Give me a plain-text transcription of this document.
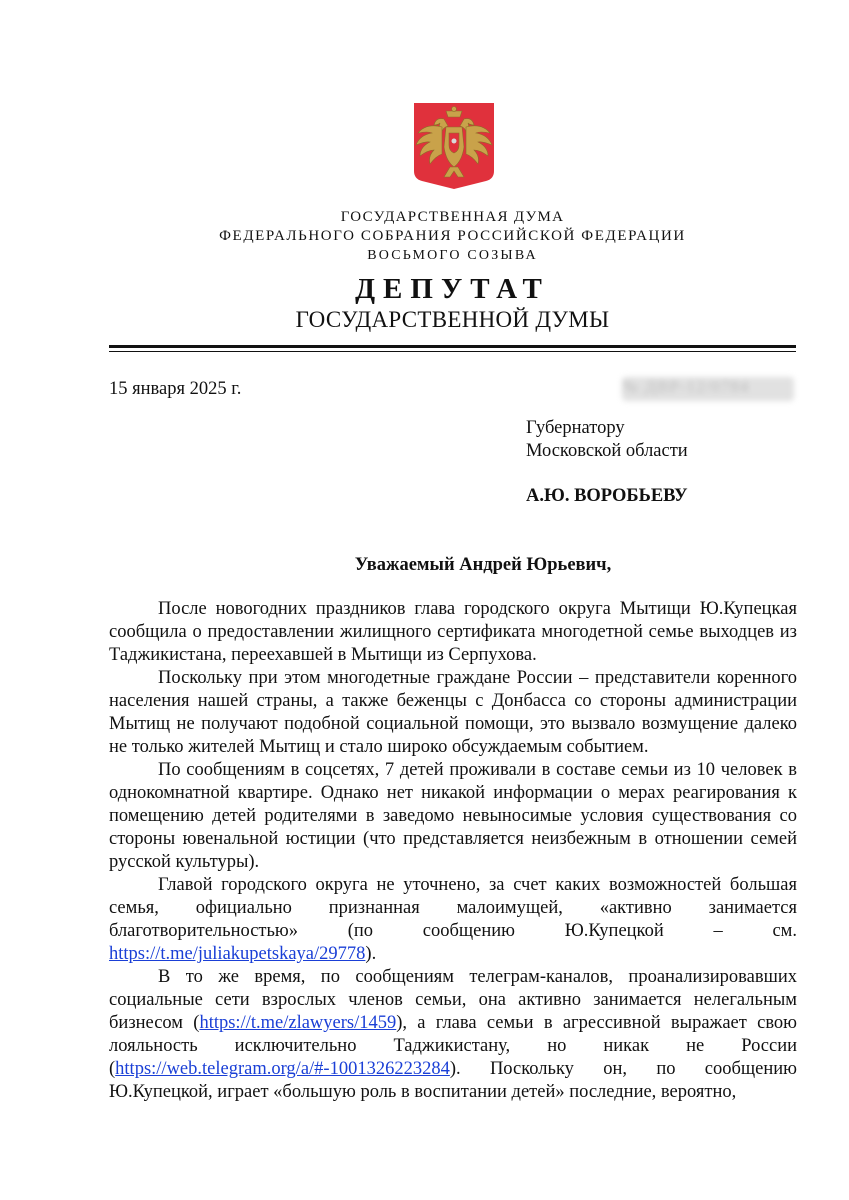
ГОСУДАРСТВЕННАЯ ДУМА
ФЕДЕРАЛЬНОГО СОБРАНИЯ РОССИЙСКОЙ ФЕДЕРАЦИИ
ВОСЬМОГО СОЗЫВА
ДЕПУТАТ
ГОСУДАРСТВЕННОЙ ДУМЫ
15 января 2025 г.	№ ДВР-12/0784
Губернатору
Московской области
А.Ю. ВОРОБЬЕВУ
Уважаемый Андрей Юрьевич,

После новогодних праздников глава городского округа Мытищи Ю.Купецкая сообщила о предоставлении жилищного сертификата многодетной семье выходцев из Таджикистана, переехавшей в Мытищи из Серпухова.

Поскольку при этом многодетные граждане России – представители коренного населения нашей страны, а также беженцы с Донбасса со стороны администрации Мытищ не получают подобной социальной помощи, это вызвало возмущение далеко не только жителей Мытищ и стало широко обсуждаемым событием.

По сообщениям в соцсетях, 7 детей проживали в составе семьи из 10 человек в однокомнатной квартире. Однако нет никакой информации о мерах реагирования к помещению детей родителями в заведомо невыносимые условия существования со стороны ювенальной юстиции (что представляется неизбежным в отношении семей русской культуры).

Главой городского округа не уточнено, за счет каких возможностей большая семья, официально признанная малоимущей, «активно занимается благотворительностью» (по сообщению Ю.Купецкой – см. https://t.me/juliakupetskaya/29778).

В то же время, по сообщениям телеграм-каналов, проанализировавших социальные сети взрослых членов семьи, она активно занимается нелегальным бизнесом (https://t.me/zlawyers/1459), а глава семьи в агрессивной выражает свою лояльность исключительно Таджикистану, но никак не России (https://web.telegram.org/a/#-1001326223284). Поскольку он, по сообщению Ю.Купецкой, играет «большую роль в воспитании детей» последние, вероятно,
